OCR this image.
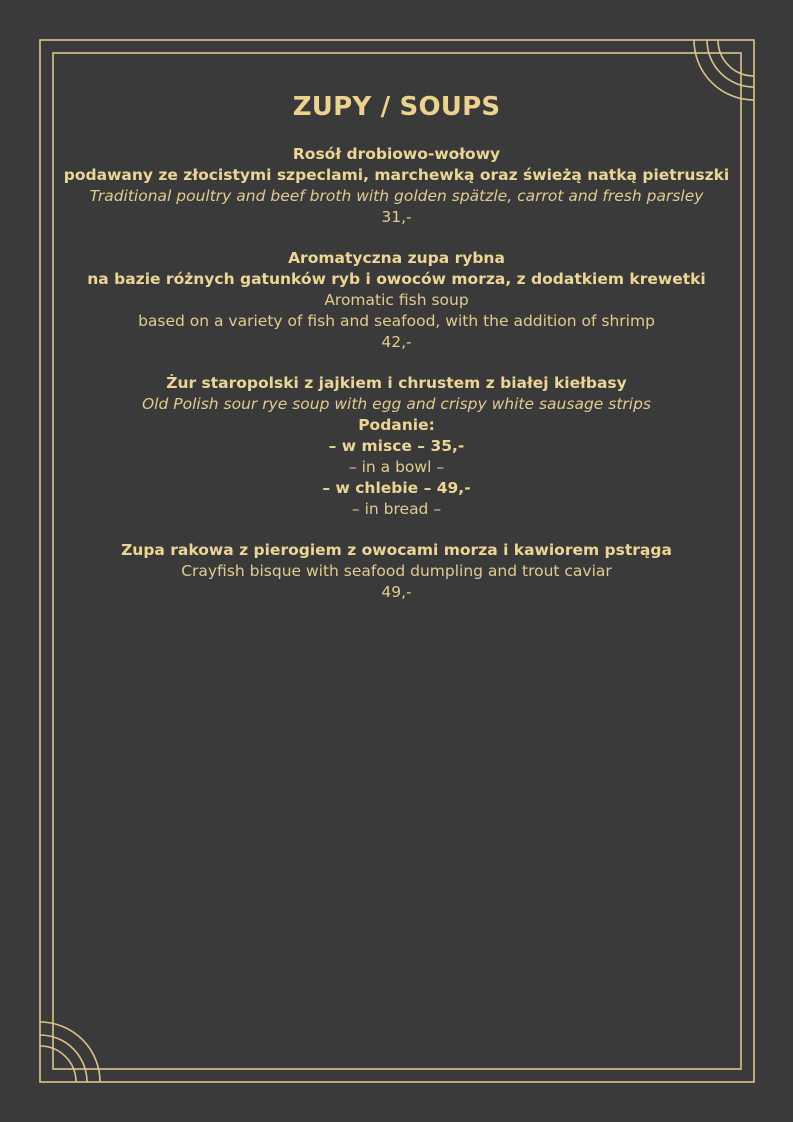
ZUPY / SOUPS
Rosół drobiowo-wołowy
podawany ze złocistymi szpeclami, marchewką oraz świeżą natką pietruszki
Traditional poultry and beef broth with golden spätzle, carrot and fresh parsley
31,-
Aromatyczna zupa rybna
na bazie różnych gatunków ryb i owoców morza, z dodatkiem krewetki
Aromatic fish soup
based on a variety of fish and seafood, with the addition of shrimp
42,-
Żur staropolski z jajkiem i chrustem z białej kiełbasy
Old Polish sour rye soup with egg and crispy white sausage strips
Podanie:
– w misce – 35,-
– in a bowl –
– w chlebie – 49,-
– in bread –
Zupa rakowa z pierogiem z owocami morza i kawiorem pstrąga
Crayfish bisque with seafood dumpling and trout caviar
49,-
